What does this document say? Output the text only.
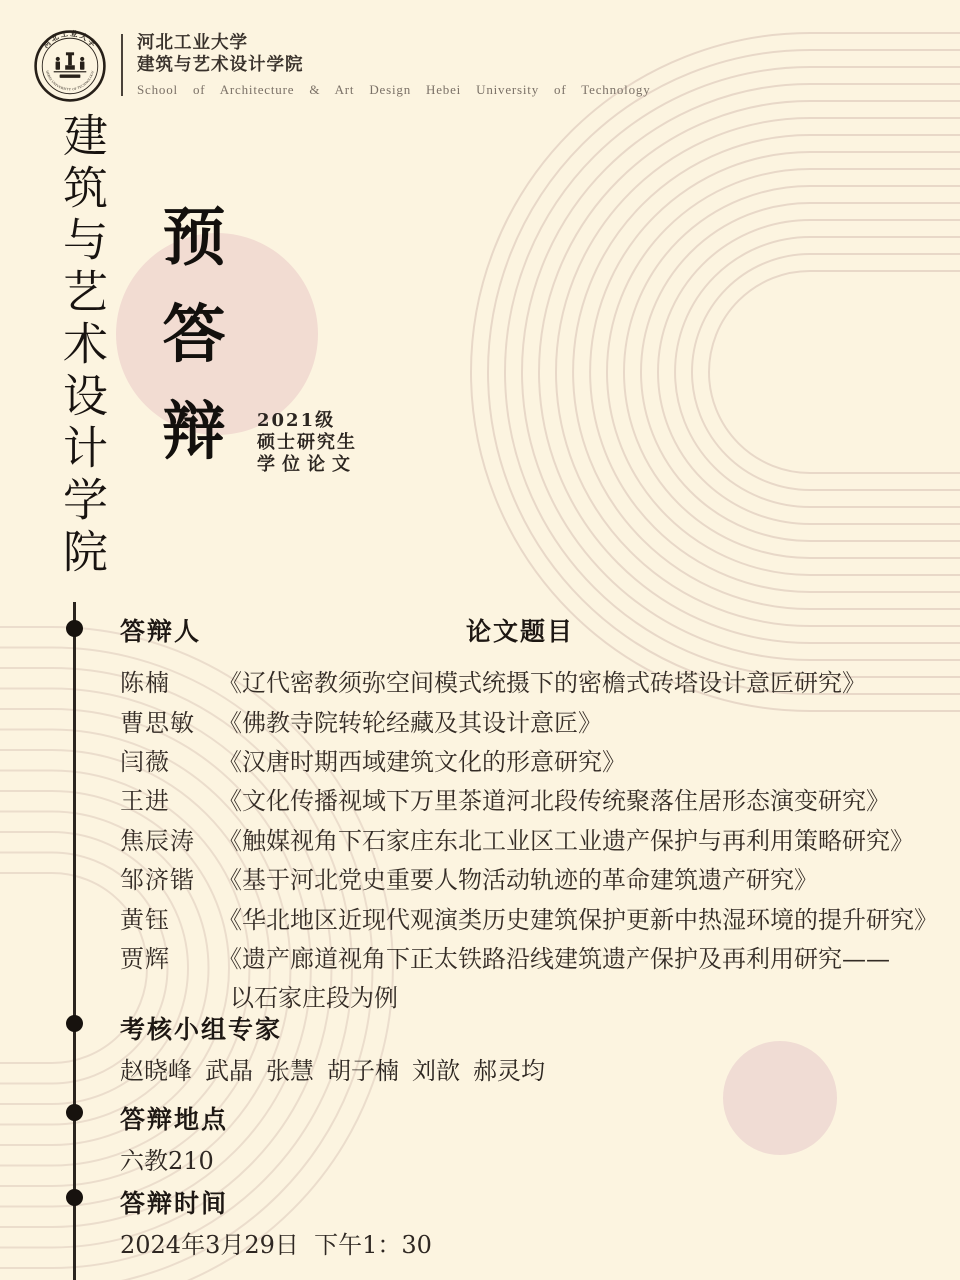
河北工业大学
HEBEI UNIVERSITY OF TECHNOLOGY
河北工业大学
建筑与艺术设计学院
School of Architecture & Art Design Hebei University of Technology
建筑与艺术设计学院 预
答
辩 2021级
硕士研究生
学位论文
答辩人	论文题目
陈楠	《辽代密教须弥空间模式统摄下的密檐式砖塔设计意匠研究》
曹思敏 《佛教寺院转轮经藏及其设计意匠》
闫薇	《汉唐时期西域建筑文化的形意研究》
王进	《文化传播视域下万里茶道河北段传统聚落住居形态演变研究》
焦辰涛 《触媒视角下石家庄东北工业区工业遗产保护与再利用策略研究》
邹济锴 《基于河北党史重要人物活动轨迹的革命建筑遗产研究》
黄钰	《华北地区近现代观演类历史建筑保护更新中热湿环境的提升研究》
贾辉	《遗产廊道视角下正太铁路沿线建筑遗产保护及再利用研究——
以石家庄段为例
考核小组专家
赵晓峰 武晶 张慧 胡子楠 刘歆 郝灵均
答辩地点
六教210
答辩时间
2024年3月29日  下午1：30
